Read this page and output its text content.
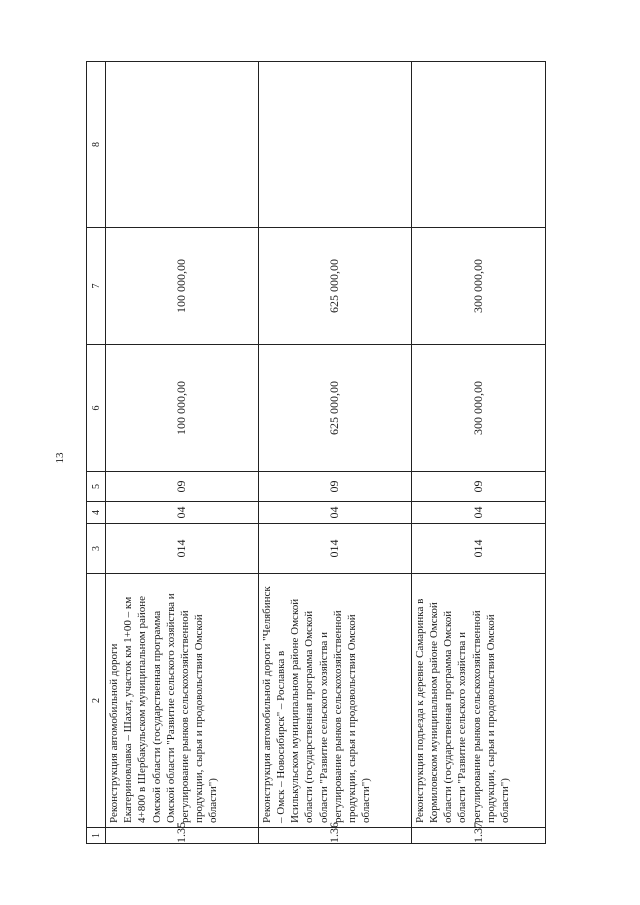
13
1	2	3	4	5	6	7	8
1.35	Реконструкция автомобильной дороги Екатериновлавка – Шахат, участок км 1+00 – км 4+800 в Шербакульском муниципальном районе Омской области (государственная программа Омской области "Развитие сельского хозяйства и регулирование рынков сельскохозяйственной продукции, сырья и продовольствия Омской области")	014	04	09	100 000,00	100 000,00	
1.36	Реконструкция автомобильной дороги "Челябинск – Омск – Новосибирск" – Рославка в Исилькульском муниципальном районе Омской области (государственная программа Омской области "Развитие сельского хозяйства и регулирование рынков сельскохозяйственной продукции, сырья и продовольствия Омской области")	014	04	09	625 000,00	625 000,00	
1.37	Реконструкция подъезда к деревне Самаринка в Кормиловском муниципальном районе Омской области (государственная программа Омской области "Развитие сельского хозяйства и регулирование рынков сельскохозяйственной продукции, сырья и продовольствия Омской области")	014	04	09	300 000,00	300 000,00	
